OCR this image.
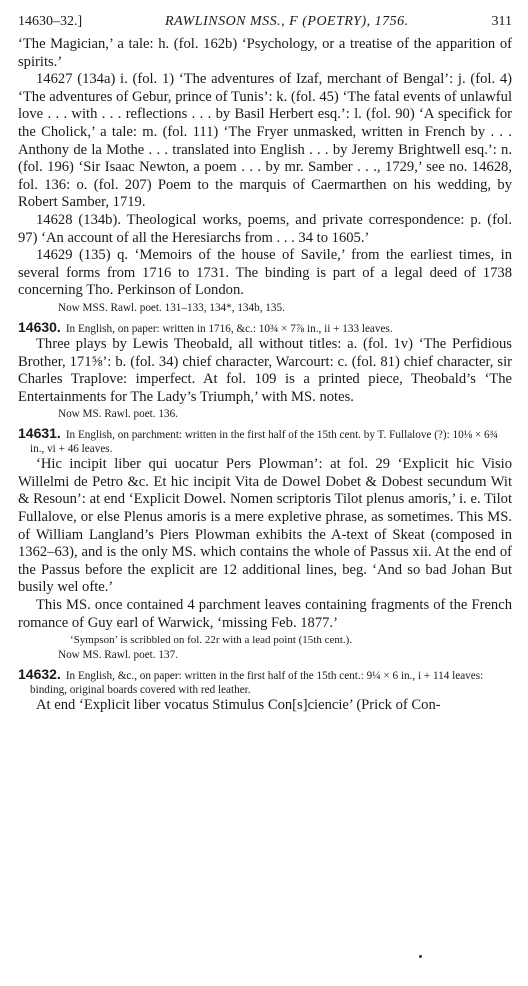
14630–32.]	RAWLINSON MSS., F (POETRY), 1756.	311

‘The Magician,’ a tale: h. (fol. 162b) ‘Psychology, or a treatise of the apparition of spirits.’

14627 (134a) i. (fol. 1) ‘The adventures of Izaf, merchant of Bengal’: j. (fol. 4) ‘The adventures of Gebur, prince of Tunis’: k. (fol. 45) ‘The fatal events of unlawful love . . . with . . . reflections . . . by Basil Herbert esq.’: l. (fol. 90) ‘A specifick for the Cholick,’ a tale: m. (fol. 111) ‘The Fryer unmasked, written in French by . . . Anthony de la Mothe . . . translated into English . . . by Jeremy Brightwell esq.’: n. (fol. 196) ‘Sir Isaac Newton, a poem . . . by mr. Samber . . ., 1729,’ see no. 14628, fol. 136: o. (fol. 207) Poem to the marquis of Caermarthen on his wedding, by Robert Samber, 1719.

14628 (134b). Theological works, poems, and private correspondence: p. (fol. 97) ‘An account of all the Heresiarchs from . . . 34 to 1605.’

14629 (135) q. ‘Memoirs of the house of Savile,’ from the earliest times, in several forms from 1716 to 1731. The binding is part of a legal deed of 1738 concerning Tho. Perkinson of London.

Now MSS. Rawl. poet. 131–133, 134*, 134b, 135.

14630. In English, on paper: written in 1716, &c.: 10¾ × 7⅞ in., ii + 133 leaves.

Three plays by Lewis Theobald, all without titles: a. (fol. 1v) ‘The Perfidious Brother, 171⅝’: b. (fol. 34) chief character, Warcourt: c. (fol. 81) chief character, sir Charles Traplove: imperfect. At fol. 109 is a printed piece, Theobald’s ‘The Entertainments for The Lady’s Triumph,’ with MS. notes.

Now MS. Rawl. poet. 136.

14631. In English, on parchment: written in the first half of the 15th cent. by T. Fullalove (?): 10⅛ × 6¾ in., vi + 46 leaves.

‘Hic incipit liber qui uocatur Pers Plowman’: at fol. 29 ‘Explicit hic Visio Willelmi de Petro &c. Et hic incipit Vita de Dowel Dobet & Dobest secundum Wit & Resoun’: at end ‘Explicit Dowel. Nomen scriptoris Tilot plenus amoris,’ i. e. Tilot Fullalove, or else Plenus amoris is a mere expletive phrase, as sometimes. This MS. of William Langland’s Piers Plowman exhibits the A-text of Skeat (composed in 1362–63), and is the only MS. which contains the whole of Passus xii. At the end of the Passus before the explicit are 12 additional lines, beg. ‘And so bad Johan But busily wel ofte.’

This MS. once contained 4 parchment leaves containing fragments of the French romance of Guy earl of Warwick, ‘missing Feb. 1877.’

‘Sympson’ is scribbled on fol. 22r with a lead point (15th cent.).
Now MS. Rawl. poet. 137.

14632. In English, &c., on paper: written in the first half of the 15th cent.: 9¼ × 6 in., i + 114 leaves: binding, original boards covered with red leather.

At end ‘Explicit liber vocatus Stimulus Con[s]ciencie’ (Prick of Con-
